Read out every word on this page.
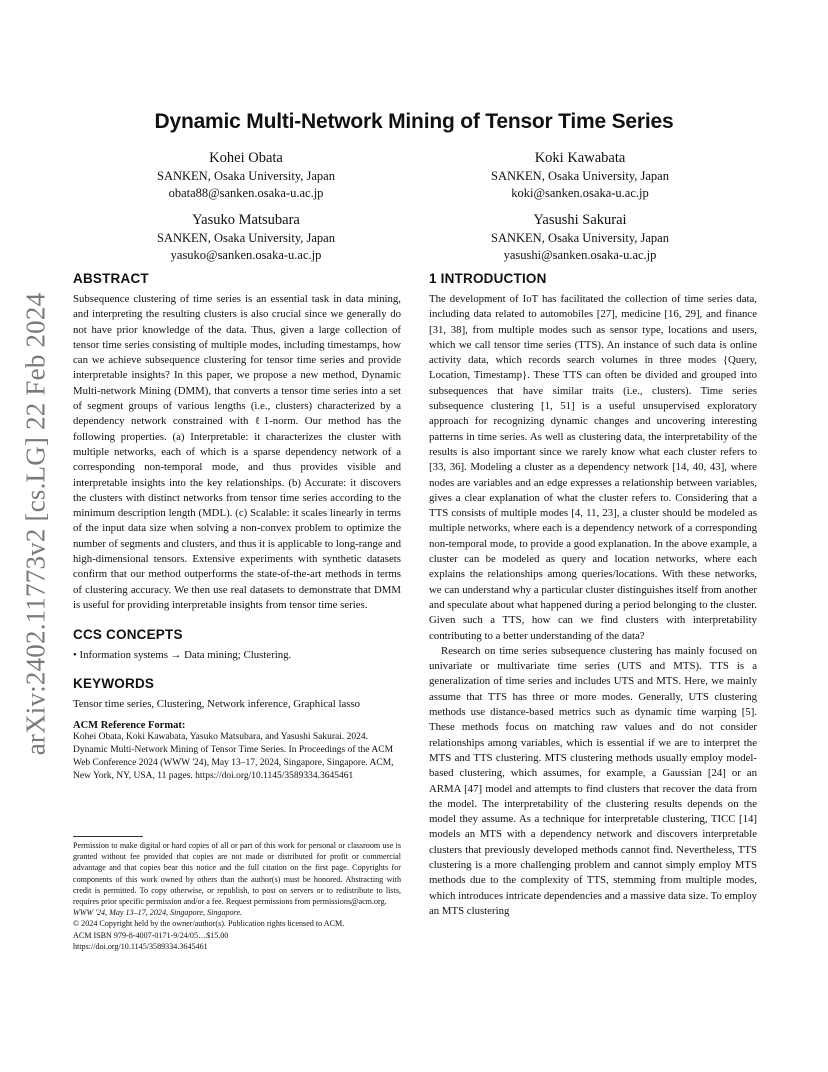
arXiv:2402.11773v2 [cs.LG] 22 Feb 2024
Dynamic Multi-Network Mining of Tensor Time Series
Kohei Obata
SANKEN, Osaka University, Japan
obata88@sanken.osaka-u.ac.jp
Koki Kawabata
SANKEN, Osaka University, Japan
koki@sanken.osaka-u.ac.jp
Yasuko Matsubara
SANKEN, Osaka University, Japan
yasuko@sanken.osaka-u.ac.jp
Yasushi Sakurai
SANKEN, Osaka University, Japan
yasushi@sanken.osaka-u.ac.jp
ABSTRACT

Subsequence clustering of time series is an essential task in data mining, and interpreting the resulting clusters is also crucial since we generally do not have prior knowledge of the data. Thus, given a large collection of tensor time series consisting of multiple modes, including timestamps, how can we achieve subsequence clustering for tensor time series and provide interpretable insights? In this paper, we propose a new method, Dynamic Multi-network Mining (DMM), that converts a tensor time series into a set of segment groups of various lengths (i.e., clusters) characterized by a dependency network constrained with ℓ1-norm. Our method has the following properties. (a) Interpretable: it characterizes the cluster with multiple networks, each of which is a sparse dependency network of a corresponding non-temporal mode, and thus provides visible and interpretable insights into the key relationships. (b) Accurate: it discovers the clusters with distinct networks from tensor time series according to the minimum description length (MDL). (c) Scalable: it scales linearly in terms of the input data size when solving a non-convex problem to optimize the number of segments and clusters, and thus it is applicable to long-range and high-dimensional tensors. Extensive experiments with synthetic datasets confirm that our method outperforms the state-of-the-art methods in terms of clustering accuracy. We then use real datasets to demonstrate that DMM is useful for providing interpretable insights from tensor time series.

CCS CONCEPTS

• Information systems → Data mining; Clustering.

KEYWORDS

Tensor time series, Clustering, Network inference, Graphical lasso

ACM Reference Format:

Kohei Obata, Koki Kawabata, Yasuko Matsubara, and Yasushi Sakurai. 2024. Dynamic Multi-Network Mining of Tensor Time Series. In Proceedings of the ACM Web Conference 2024 (WWW '24), May 13–17, 2024, Singapore, Singapore. ACM, New York, NY, USA, 11 pages. https://doi.org/10.1145/3589334.3645461

Permission to make digital or hard copies of all or part of this work for personal or classroom use is granted without fee provided that copies are not made or distributed for profit or commercial advantage and that copies bear this notice and the full citation on the first page. Copyrights for components of this work owned by others than the author(s) must be honored. Abstracting with credit is permitted. To copy otherwise, or republish, to post on servers or to redistribute to lists, requires prior specific permission and/or a fee. Request permissions from permissions@acm.org.
WWW '24, May 13–17, 2024, Singapore, Singapore.
© 2024 Copyright held by the owner/author(s). Publication rights licensed to ACM.
ACM ISBN 979-8-4007-0171-9/24/05…$15.00
https://doi.org/10.1145/3589334.3645461
1 INTRODUCTION

The development of IoT has facilitated the collection of time series data, including data related to automobiles [27], medicine [16, 29], and finance [31, 38], from multiple modes such as sensor type, locations and users, which we call tensor time series (TTS). An instance of such data is online activity data, which records search volumes in three modes {Query, Location, Timestamp}. These TTS can often be divided and grouped into subsequences that have similar traits (i.e., clusters). Time series subsequence clustering [1, 51] is a useful unsupervised exploratory approach for recognizing dynamic changes and uncovering interesting patterns in time series. As well as clustering data, the interpretability of the results is also important since we rarely know what each cluster refers to [33, 36]. Modeling a cluster as a dependency network [14, 40, 43], where nodes are variables and an edge expresses a relationship between variables, gives a clear explanation of what the cluster refers to. Considering that a TTS consists of multiple modes [4, 11, 23], a cluster should be modeled as multiple networks, where each is a dependency network of a corresponding non-temporal mode, to provide a good explanation. In the above example, a cluster can be modeled as query and location networks, where each explains the relationships among queries/locations. With these networks, we can understand why a particular cluster distinguishes itself from another and speculate about what happened during a period belonging to the cluster. Given such a TTS, how can we find clusters with interpretability contributing to a better understanding of the data?

Research on time series subsequence clustering has mainly focused on univariate or multivariate time series (UTS and MTS). TTS is a generalization of time series and includes UTS and MTS. Here, we mainly assume that TTS has three or more modes. Generally, UTS clustering methods use distance-based metrics such as dynamic time warping [5]. These methods focus on matching raw values and do not consider relationships among variables, which is essential if we are to interpret the MTS and TTS clustering. MTS clustering methods usually employ model-based clustering, which assumes, for example, a Gaussian [24] or an ARMA [47] model and attempts to find clusters that recover the data from the model. The interpretability of the clustering results depends on the model they assume. As a technique for interpretable clustering, TICC [14] models an MTS with a dependency network and discovers interpretable clusters that previously developed methods cannot find. Nevertheless, TTS clustering is a more challenging problem and cannot simply employ MTS methods due to the complexity of TTS, stemming from multiple modes, which introduces intricate dependencies and a massive data size. To employ an MTS clustering
